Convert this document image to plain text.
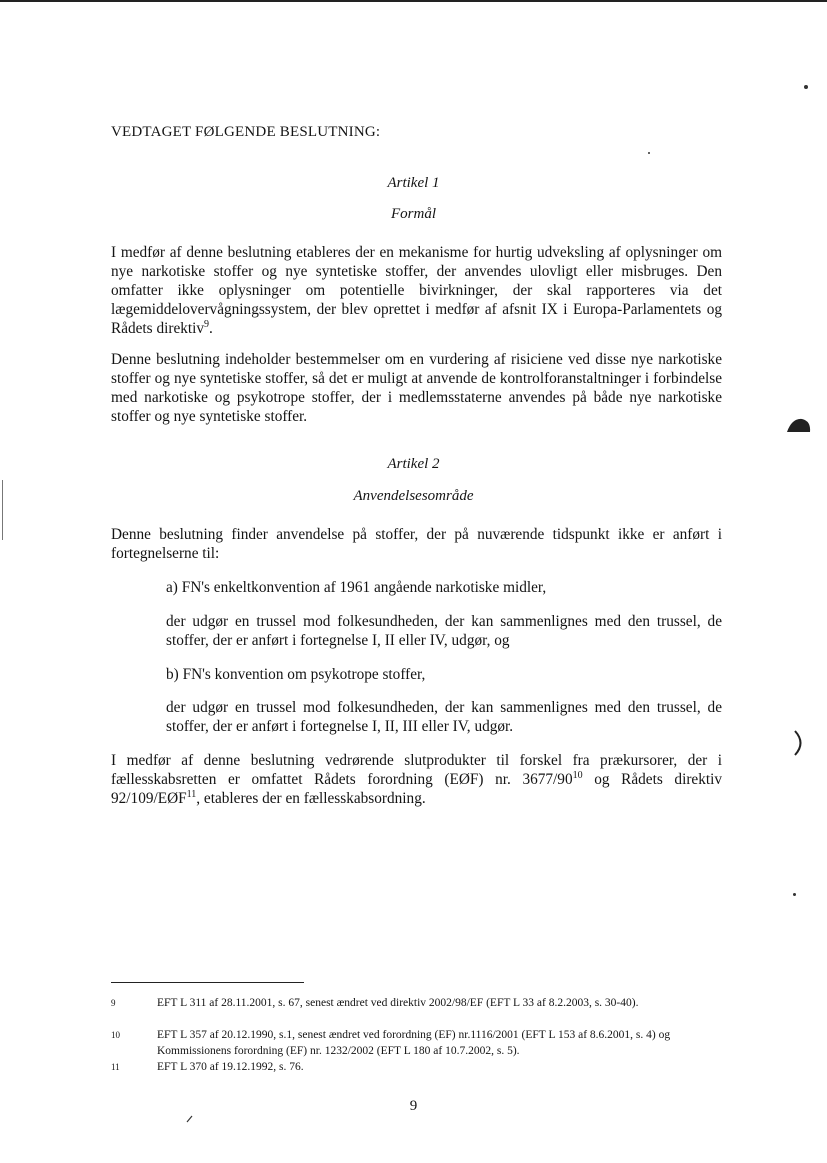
VEDTAGET FØLGENDE BESLUTNING:
Artikel 1
Formål

I medfør af denne beslutning etableres der en mekanisme for hurtig udveksling af oplysninger om nye narkotiske stoffer og nye syntetiske stoffer, der anvendes ulovligt eller misbruges. Den omfatter ikke oplysninger om potentielle bivirkninger, der skal rapporteres via det lægemiddelovervågningssystem, der blev oprettet i medfør af afsnit IX i Europa-Parlamentets og Rådets direktiv$^9$.

Denne beslutning indeholder bestemmelser om en vurdering af risiciene ved disse nye narkotiske stoffer og nye syntetiske stoffer, så det er muligt at anvende de kontrolforanstaltninger i forbindelse med narkotiske og psykotrope stoffer, der i medlemsstaterne anvendes på både nye narkotiske stoffer og nye syntetiske stoffer.

Artikel 2
Anvendelsesområde

Denne beslutning finder anvendelse på stoffer, der på nuværende tidspunkt ikke er anført i fortegnelserne til:

a) FN's enkeltkonvention af 1961 angående narkotiske midler,

der udgør en trussel mod folkesundheden, der kan sammenlignes med den trussel, de stoffer, der er anført i fortegnelse I, II eller IV, udgør, og

b) FN's konvention om psykotrope stoffer,

der udgør en trussel mod folkesundheden, der kan sammenlignes med den trussel, de stoffer, der er anført i fortegnelse I, II, III eller IV, udgør.

I medfør af denne beslutning vedrørende slutprodukter til forskel fra prækursorer, der i fællesskabsretten er omfattet Rådets forordning (EØF) nr. $3677/90^{10}$ og Rådets direktiv 92/109/EØF$^{11}$, etableres der en fællesskabsordning.

9	EFT L 311 af 28.11.2001, s. 67, senest ændret ved direktiv 2002/98/EF (EFT L 33 af 8.2.2003, s. 30-40).

10	EFT L 357 af 20.12.1990, s.1, senest ændret ved forordning (EF) nr.1116/2001 (EFT L 153 af 8.6.2001, s. 4) og Kommissionens forordning (EF) nr. 1232/2002 (EFT L 180 af 10.7.2002, s. 5).

11	EFT L 370 af 19.12.1992, s. 76.

9
